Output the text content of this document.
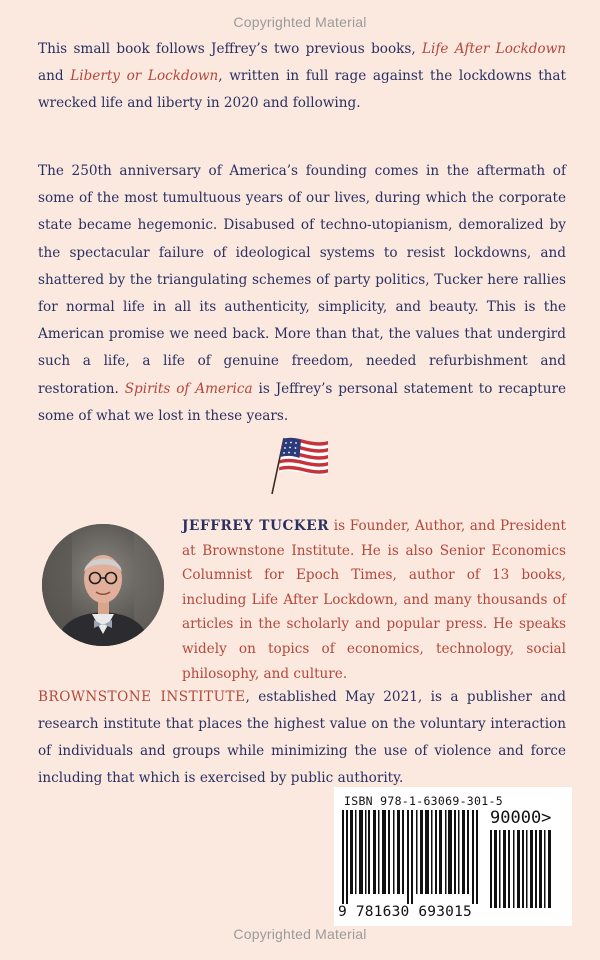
Copyrighted Material
This small book follows Jeffrey’s two previous books, Life After Lockdown and Liberty or Lockdown, written in full rage against the lockdowns that wrecked life and liberty in 2020 and following.
The 250th anniversary of America’s founding comes in the aftermath of some of the most tumultuous years of our lives, during which the corporate state became hegemonic. Disabused of techno-utopianism, demoralized by the spectacular failure of ideological systems to resist lockdowns, and shattered by the triangulating schemes of party politics, Tucker here rallies for normal life in all its authenticity, simplicity, and beauty. This is the American promise we need back. More than that, the values that undergird such a life, a life of genuine freedom, needed refurbishment and restoration. Spirits of America is Jeffrey’s personal statement to recapture some of what we lost in these years.
JEFFREY TUCKER is Founder, Author, and President at Brownstone Institute. He is also Senior Economics Columnist for Epoch Times, author of 13 books, including Life After Lockdown, and many thousands of articles in the scholarly and popular press. He speaks widely on topics of economics, technology, social philosophy, and culture.
BROWNSTONE INSTITUTE, established May 2021, is a publisher and research institute that places the highest value on the voluntary interaction of individuals and groups while minimizing the use of violence and force including that which is exercised by public authority.
ISBN 978-1-63069-301-5
90000>
9 781630 693015
Copyrighted Material
